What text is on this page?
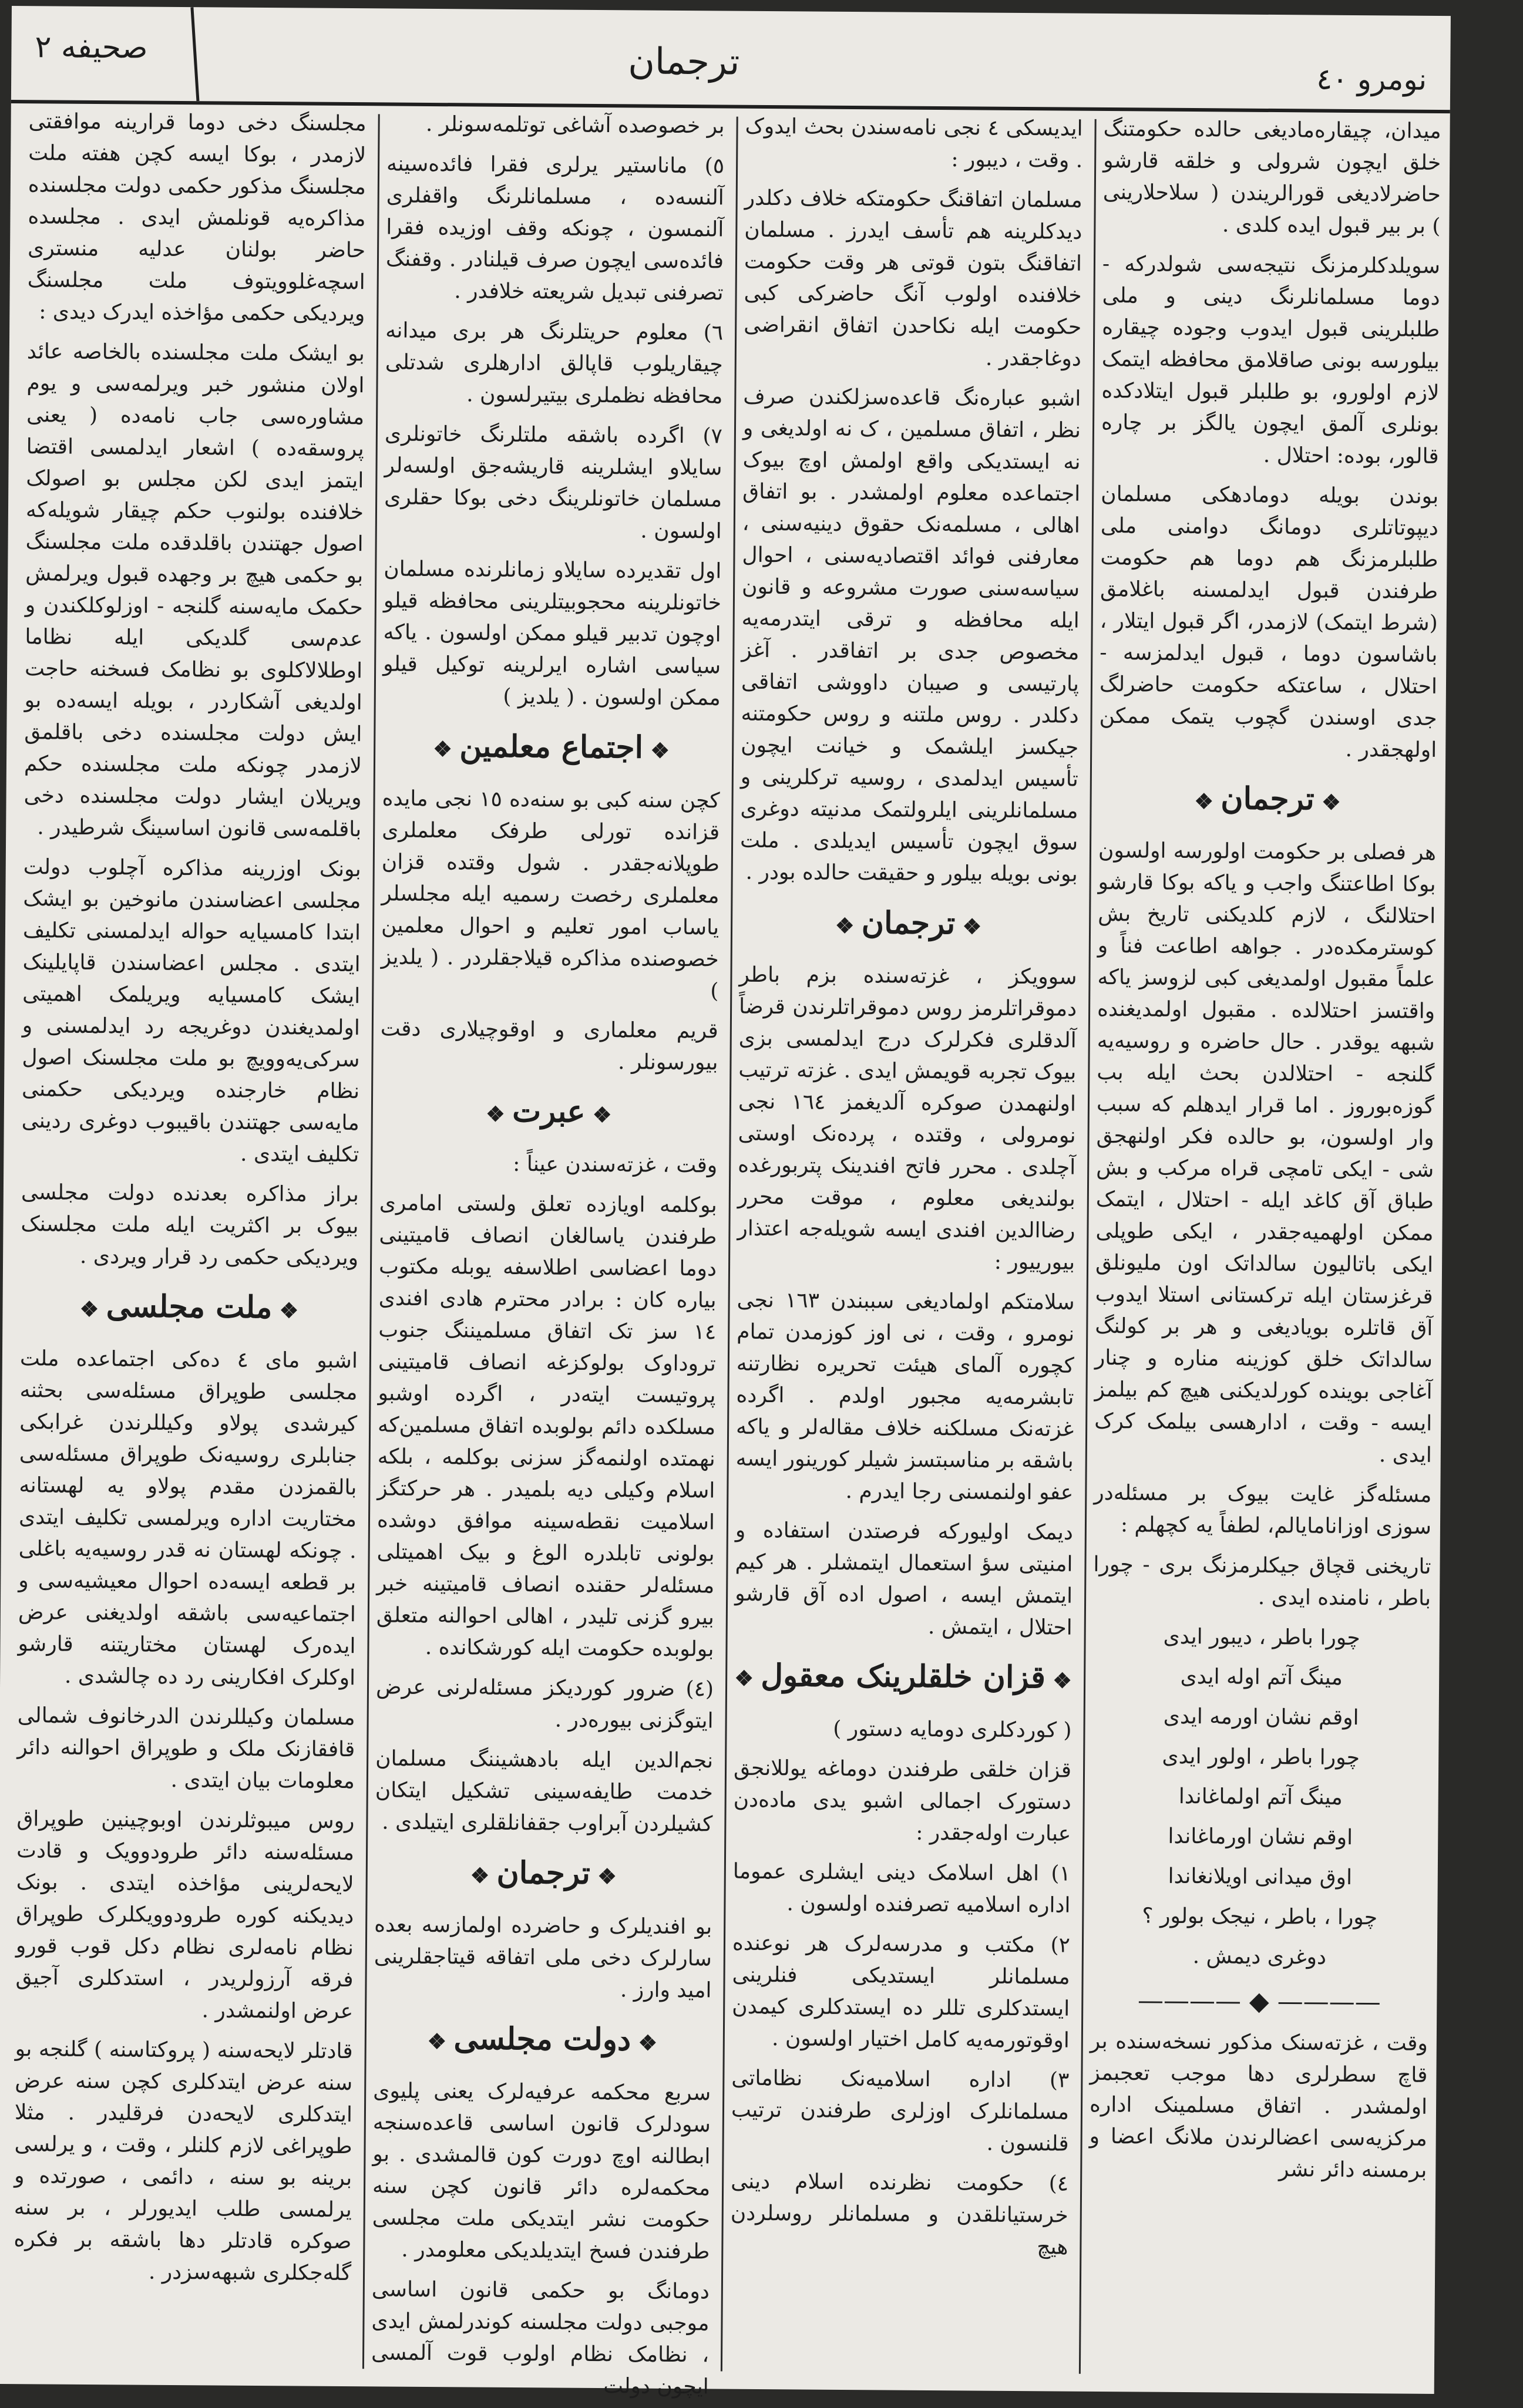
صحیفه ۲	ترجمان	نومرو ٤٠

میدان، چیقاره‌مادیغی حالده حکومتنگ خلق ایچون شرولی و خلقه قارشو حاضرلادیغی قورالریندن ( سلاحلارینی ) بر بیر قبول ایده کلدی .

سویلدکلرمزنگ نتیجه‌سی شولدرکه - دوما مسلمانلرنگ دینی و ملی طلبلرینی قبول ایدوب وجوده چیقاره بیلورسه بونی صاقلامق محافظه ایتمک لازم اولورو، بو طلبلر قبول ایتلادکده بونلری آلمق ایچون یالگز بر چاره قالور، بوده: احتلال .

بوندن بویله دومادهکی مسلمان دیپوتاتلری دومانگ دوامنی ملی طلبلرمزنگ هم دوما هم حکومت طرفندن قبول ایدلمسنه باغلامق (شرط ایتمک) لازمدر، اگر قبول ایتلار ، باشاسون دوما ، قبول ایدلمزسه - احتلال ، ساعتکه حکومت حاضرلگ جدی اوسندن گچوب یتمک ممکن اولهجقدر .

❖ ترجمان ❖

هر فصلی بر حکومت اولورسه اولسون بوکا اطاعتنگ واجب و یاکه بوکا قارشو احتلالنگ ، لازم کلدیکنی تاریخ بش کوسترمکده‌در . جواهه اطاعت فناً و علماً مقبول اولمدیغی کبی لزوسز یاکه واقتسز احتلالده . مقبول اولمدیغنده شبهه یوقدر . حال حاضره و روسیه‌یه گلنجه - احتلالدن بحث ایله بب گوزه‌بوروز . اما قرار ایدهلم که سبب وار اولسون، بو حالده فکر اولنهجق شی - ایکی تامچی قراه مرکب و بش طباق آق کاغد ایله - احتلال ، ایتمک ممکن اولهمیه‌جقدر ، ایکی طوپلی ایکی باتالیون سالداتک اون ملیونلق قرغزستان ایله ترکستانی استلا ایدوب آق قاتلره بویادیغی و هر بر کولنگ سالداتک خلق کوزینه مناره و چنار آغاجی بوینده کورلدیکنی هیچ کم بیلمز ایسه - وقت ، ادارهسی بیلمک کرک ایدی .

مسئله‌گز غایت بیوک بر مسئله‌در سوزی اوزانامایالم، لطفاً یه کچهلم :

تاریخنی قچاق جیکلرمزنگ بری - چورا باطر ، نامنده ایدی .

چورا باطر ، دیبور ایدی

مینگ آتم اوله ایدی

اوقم نشان اورمه ایدی

چورا باطر ، اولور ایدی

مینگ آتم اولماغاندا

اوقم نشان اورماغاندا

اوق میدانی اویلانغاندا

چورا ، باطر ، نیجک بولور ؟

دوغری دیمش .

———— ◆ ————

وقت ، غزته‌سنک مذکور نسخه‌سنده بر قاچ سطرلری دها موجب تعجبمز اولمشدر . اتفاق مسلمینک اداره مرکزیه‌سی اعضالرندن ملانگ اعضا و برمسنه دائر نشر

ایدیسکی ٤ نجی نامه‌سندن بحث ایدوک . وقت ، دیبور :

مسلمان اتفاقنگ حکومتکه خلاف دکلدر دیدکلرینه هم تأسف ایدرز . مسلمان اتفاقنگ بتون قوتی هر وقت حکومت خلافنده اولوب آنگ حاضرکی کبی حکومت ایله نکاحدن اتفاق انقراضی دوغاجقدر .

اشبو عباره‌نگ قاعده‌سزلکندن صرف نظر ، اتفاق مسلمین ، ک نه اولدیغی و نه ایستدیکی واقع اولمش اوچ بیوک اجتماعده معلوم اولمشدر . بو اتفاق اهالی ، مسلمه‌نک حقوق دینیه‌سنی ، معارفنی فوائد اقتصادیه‌سنی ، احوال سیاسه‌سنی صورت مشروعه و قانون ایله محافظه و ترقی ایتدرمه‌یه مخصوص جدی بر اتفاقدر . آغز پارتیسی و صیبان داووشی اتفاقی دکلدر . روس ملتنه و روس حکومتنه جیکسز ایلشمک و خیانت ایچون تأسیس ایدلمدی ، روسیه ترکلرینی و مسلمانلرینی ایلرولتمک مدنیته دوغری سوق ایچون تأسیس ایدیلدی . ملت بونی بویله بیلور و حقیقت حالده بودر .

❖ ترجمان ❖

سوویکز ، غزته‌سنده بزم باطر دموقراتلرمز روس دموقراتلرندن قرضاً آلدقلری فکرلرک درج ایدلمسی بزی بیوک تجربه قویمش ایدی . غزته ترتیب اولنهمدن صوکره آلدیغمز ١٦٤ نجی نومرولی ، وقتده ، پرده‌نک اوستی آچلدی . محرر فاتح افندینک پتربورغده بولندیغی معلوم ، موقت محرر رضاالدین افندی ایسه شویله‌جه اعتذار بیورییور :

سلامتکم اولمادیغی سببندن ١٦٣ نجی نومرو ، وقت ، نی اوز کوزمدن تمام کچوره آلمای هیئت تحریره نظارتنه تابشرمه‌یه مجبور اولدم . اگرده غزته‌نک مسلکنه خلاف مقاله‌لر و یاکه باشقه بر مناسبتسز شیلر کورینور ایسه عفو اولنمسنی رجا ایدرم .

دیمک اولیورکه فرصتدن استفاده و امنیتی سؤ استعمال ایتمشلر . هر کیم ایتمش ایسه ، اصول اده آق قارشو احتلال ، ایتمش .

❖ قزان خلقلرینک معقول ❖

( کوردکلری دومایه دستور )

قزان خلقی طرفندن دوماغه یوللانجق دستورک اجمالی اشبو یدی ماده‌دن عبارت اوله‌جقدر :

١) اهل اسلامک دینی ایشلری عموما اداره اسلامیه تصرفنده اولسون .

٢) مکتب و مدرسه‌لرک هر نوعنده مسلمانلر ایستدیکی فنلرینی ایستدکلری تللر ده ایستدکلری کیمدن اوقوتورمه‌یه کامل اختیار اولسون .

٣) اداره اسلامیه‌نک نظاماتی مسلمانلرک اوزلری طرفندن ترتیب قلنسون .

٤) حکومت نظرنده اسلام دینی خرستیانلقدن و مسلمانلر روسلردن هیچ

بر خصوصده آشاغی توتلمه‌سونلر .

٥) ماناستیر یرلری فقرا فائده‌سینه آلنسه‌ده ، مسلمانلرنگ واقفلری آلنمسون ، چونکه وقف اوزیده فقرا فائده‌سی ایچون صرف قیلنادر . وقفنگ تصرفنی تبدیل شریعته خلافدر .

٦) معلوم حریتلرنگ هر بری میدانه چیقاریلوب قاپالق ادارهلری شدتلی محافظه نظملری بیتیرلسون .

٧) اگرده باشقه ملتلرنگ خاتونلری سایلاو ایشلرینه قاریشه‌جق اولسه‌لر مسلمان خاتونلرینگ دخی بوکا حقلری اولسون .

اول تقدیرده سایلاو زمانلرنده مسلمان خاتونلرینه محجوبیتلرینی محافظه قیلو اوچون تدبیر قیلو ممکن اولسون . یاکه سیاسی اشاره ایرلرینه توکیل قیلو ممکن اولسون . ( یلدیز )

❖ اجتماع معلمین ❖

کچن سنه کبی بو سنه‌ده ١٥ نجی مایده قزانده تورلی طرفک معلملری طوپلانه‌جقدر . شول وقتده قزان معلملری رخصت رسمیه ایله مجلسلر یاساب امور تعلیم و احوال معلمین خصوصنده مذاکره قیلاجقلردر . ( یلدیز )

قریم معلماری و اوقوچیلاری دقت بیورسونلر .

❖ عبرت ❖

وقت ، غزته‌سندن عیناً :

بوکلمه اویازده تعلق ولستی امامری طرفندن یاسالغان انصاف قامیتینی دوما اعضاسی اطلاسفه یوبله مکتوب بیاره کان : برادر محترم هادی افندی ١٤ سز تک اتفاق مسلمیننگ جنوب تروداوک بولوکزغه انصاف قامیتینی پروتیست ایته‌در ، اگرده اوشبو مسلکده دائم بولوبده اتفاق مسلمین‌که نهمتده اولنمه‌گز سزنی بوکلمه ، بلکه اسلام وکیلی دیه بلمیدر . هر حرکتگز اسلامیت نقطه‌سینه موافق دوشده بولونی تابلدره الوغ و بیک اهمیتلی مسئله‌لر حقنده انصاف قامیتینه خبر بیرو گزنی تلیدر ، اهالی احوالنه متعلق بولوبده حکومت ایله کورشکانده .

(٤) ضرور کوردیکز مسئله‌لرنی عرض ایتوگزنی بیوره‌در .

نجم‌الدین ایله بادهشیننگ مسلمان خدمت طایفه‌سینی تشکیل ایتکان کشیلردن آبراوب جقفانلقلری ایتیلدی .

❖ ترجمان ❖

بو افندیلرک و حاضرده اولمازسه بعده سارلرک دخی ملی اتفاقه قیتاجقلرینی امید وارز .

❖ دولت مجلسی ❖

سربع محکمه عرفیه‌لرک یعنی پلیوی سودلرک قانون اساسی قاعده‌سنجه ابطالنه اوچ دورت کون قالمشدی . بو محکمه‌لره دائر قانون کچن سنه حکومت نشر ایتدیکی ملت مجلسی طرفندن فسخ ایتدیلدیکی معلومدر .

دومانگ بو حکمی قانون اساسی موجبی دولت مجلسنه کوندرلمش ایدی ، نظامک نظام اولوب قوت آلمسی ایچون دولت

مجلسنگ دخی دوما قرارینه موافقتی لازمدر ، بوکا ایسه کچن هفته ملت مجلسنگ مذکور حکمی دولت مجلسنده مذاکره‌یه قونلمش ایدی . مجلسده حاضر بولنان عدلیه منستری اسچه‌غلوویتوف ملت مجلسنگ ویردیکی حکمی مؤاخذه ایدرک دیدی :

بو ایشک ملت مجلسنده بالخاصه عائد اولان منشور خبر ویرلمه‌سی و یوم مشاوره‌سی جاب نامه‌ده ( یعنی پروسقه‌ده ) اشعار ایدلمسی اقتضا ایتمز ایدی لکن مجلس بو اصولک خلافنده بولنوب حکم چیقار شویله‌که اصول جهتندن باقلدقده ملت مجلسنگ بو حکمی هیچ بر وجهده قبول ویرلمش حکمک مایه‌سنه گلنجه - اوزلوکلکندن و عدم‌سی گلدیکی ایله نظاما اوطلالاکلوی بو نظامک فسخنه حاجت اولدیغی آشکاردر ، بویله ایسه‌ده بو ایش دولت مجلسنده دخی باقلمق لازمدر چونکه ملت مجلسنده حکم ویریلان ایشار دولت مجلسنده دخی باقلمه‌سی قانون اساسینگ شرطیدر .

بونک اوزرینه مذاکره آچلوب دولت مجلسی اعضاسندن مانوخین بو ایشک ابتدا کامسیایه حواله ایدلمسنی تکلیف ایتدی . مجلس اعضاسندن قاپایلینک ایشک کامسیایه ویریلمک اهمیتی اولمدیغندن دوغریجه رد ایدلمسنی و سرکی‌یه‌وویچ بو ملت مجلسنک اصول نظام خارجنده ویردیکی حکمنی مایه‌سی جهتندن باقیبوب دوغری ردینی تکلیف ایتدی .

براز مذاکره بعدنده دولت مجلسی بیوک بر اکثریت ایله ملت مجلسنک ویردیکی حکمی رد قرار ویردی .

❖ ملت مجلسی ❖

اشبو مای ٤ ده‌کی اجتماعده ملت مجلسی طوپراق مسئله‌سی بحثنه کیرشدی پولاو وکیللرندن غرابکی جنابلری روسیه‌نک طوپراق مسئله‌سی بالقمزدن مقدم پولاو یه لهستانه مختاریت اداره ویرلمسی تکلیف ایتدی . چونکه لهستان نه قدر روسیه‌یه باغلی بر قطعه ایسه‌ده احوال معیشیه‌سی و اجتماعیه‌سی باشقه اولدیغنی عرض ایده‌رک لهستان مختاریتنه قارشو اوکلرک افکارینی رد ده چالشدی .

مسلمان وکیللرندن الدرخانوف شمالی قافقازنک ملک و طوپراق احوالنه دائر معلومات بیان ایتدی .

روس میبوثلرندن اوبوچینین طوپراق مسئله‌سنه دائر طرودوویک و قادت لایحه‌لرینی مؤاخذه ایتدی . بونک دیدیکنه کوره طرودوویکلرک طوپراق نظام نامه‌لری نظام دکل قوب قورو فرقه آرزولریدر ، استدکلری آجیق عرض اولنمشدر .

قادتلر لایحه‌سنه ( پروکتاسنه ) گلنجه بو سنه عرض ایتدکلری کچن سنه عرض ایتدکلری لایحه‌دن فرقلیدر . مثلا طوپراغی لازم کلنلر ، وقت ، و یرلسی برینه بو سنه ، دائمی ، صورتده و یرلمسی طلب ایدیورلر ، بر سنه صوکره قادتلر دها باشقه بر فکره گله‌جکلری شبهه‌سزدر .
